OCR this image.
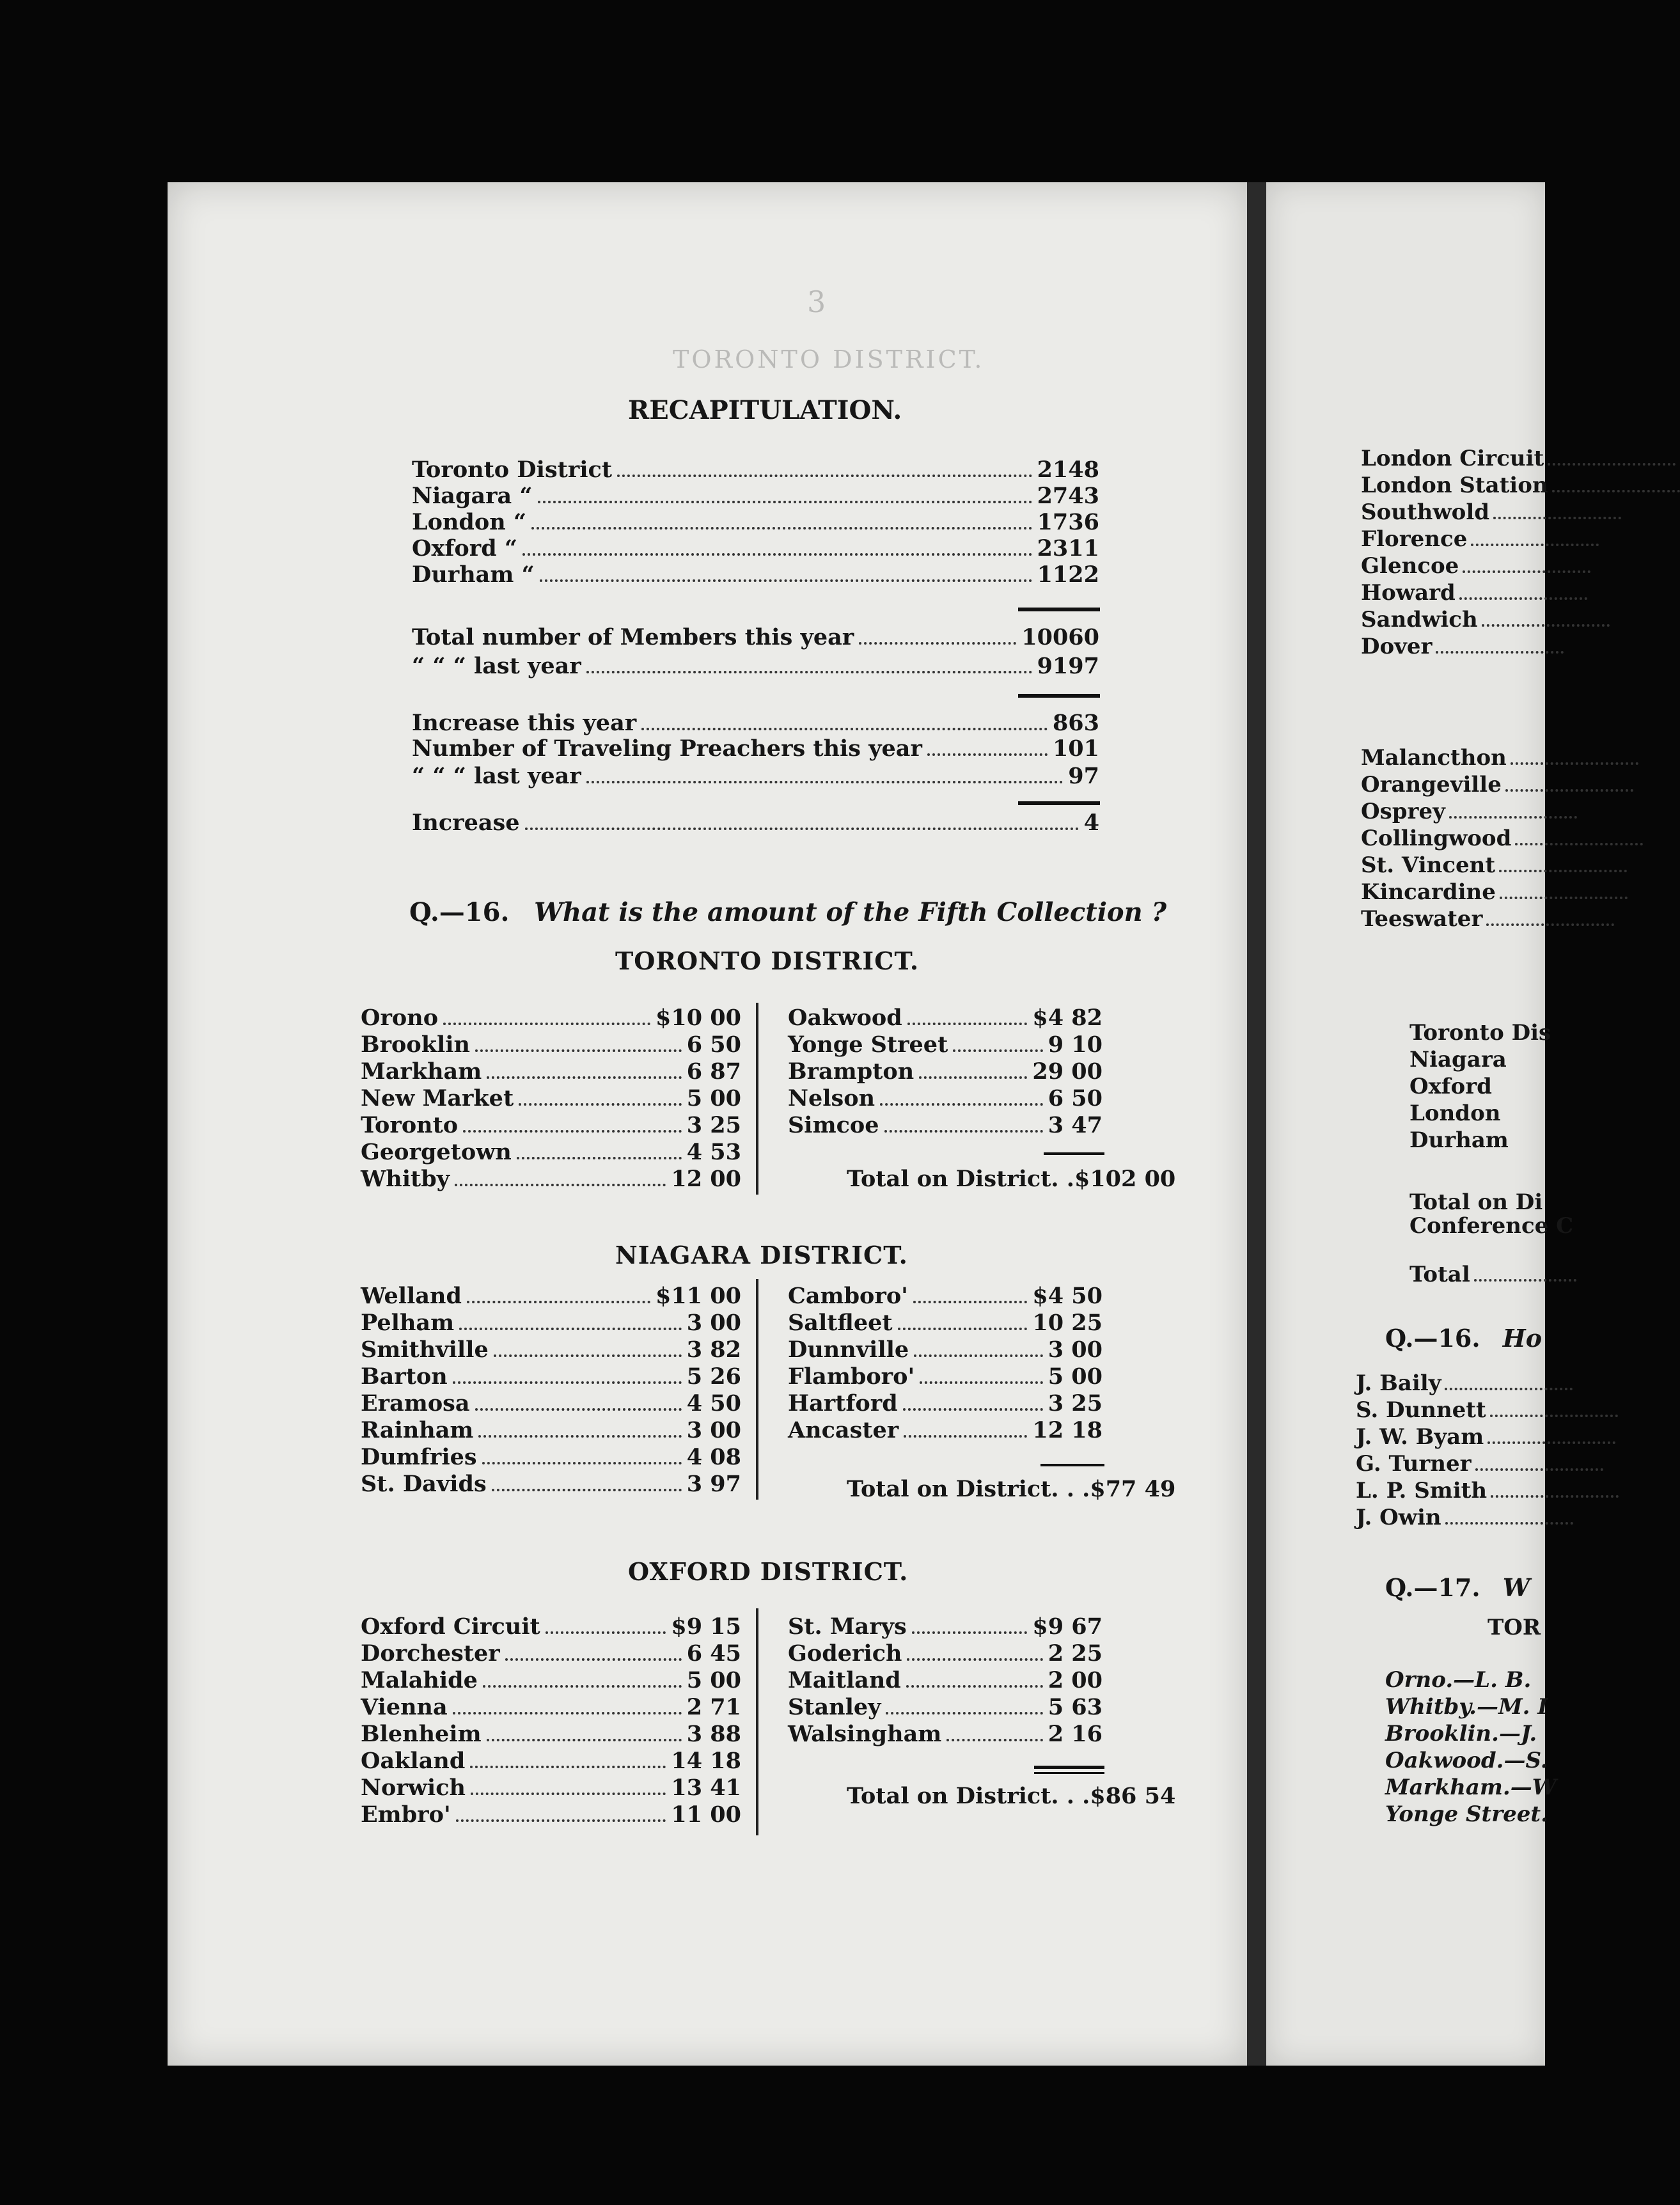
3
TORONTO DISTRICT.
RECAPITULATION.
Toronto District	2148
Niagara “	2743
London “	1736
Oxford “	2311
Durham “	1122
Total number of Members this year	10060
“ “ “ last year	9197
Increase this year	863
Number of Traveling Preachers this year	101
“ “ “ last year	97
Increase	4
Q.—16. What is the amount of the Fifth Collection ?
TORONTO DISTRICT.
Orono	$10 00
Brooklin	6 50
Markham	6 87
New Market	5 00
Toronto	3 25
Georgetown	4 53
Whitby	12 00
Oakwood	$4 82
Yonge Street	9 10
Brampton	29 00
Nelson	6 50
Simcoe	3 47
Total on District. . $102 00
NIAGARA DISTRICT.
Welland	$11 00
Pelham	3 00
Smithville	3 82
Barton	5 26
Eramosa	4 50
Rainham	3 00
Dumfries	4 08
St. Davids	3 97
Camboro'	$4 50
Saltfleet	10 25
Dunnville	3 00
Flamboro'	5 00
Hartford	3 25
Ancaster	12 18
Total on District. . . $77 49
OXFORD DISTRICT.
Oxford Circuit	$9 15
Dorchester	6 45
Malahide	5 00
Vienna	2 71
Blenheim	3 88
Oakland	14 18
Norwich	13 41
Embro'	11 00
St. Marys	$9 67
Goderich	2 25
Maitland	2 00
Stanley	5 63
Walsingham	2 16
Total on District. . . $86 54
London Circuit
London Station
Southwold
Florence
Glencoe
Howard
Sandwich
Dover
Malancthon
Orangeville
Osprey
Collingwood
St. Vincent
Kincardine
Teeswater
Toronto Dis
Niagara
Oxford
London
Durham
Total on Di
Conference C
Total
Q.—16. Ho
J. Baily
S. Dunnett
J. W. Byam
G. Turner
L. P. Smith
J. Owin
Q.—17. W
TOR
Orno.—L. B.
Whitby.—M. I
Brooklin.—J.
Oakwood.—S.
Markham.—W
Yonge Street.
